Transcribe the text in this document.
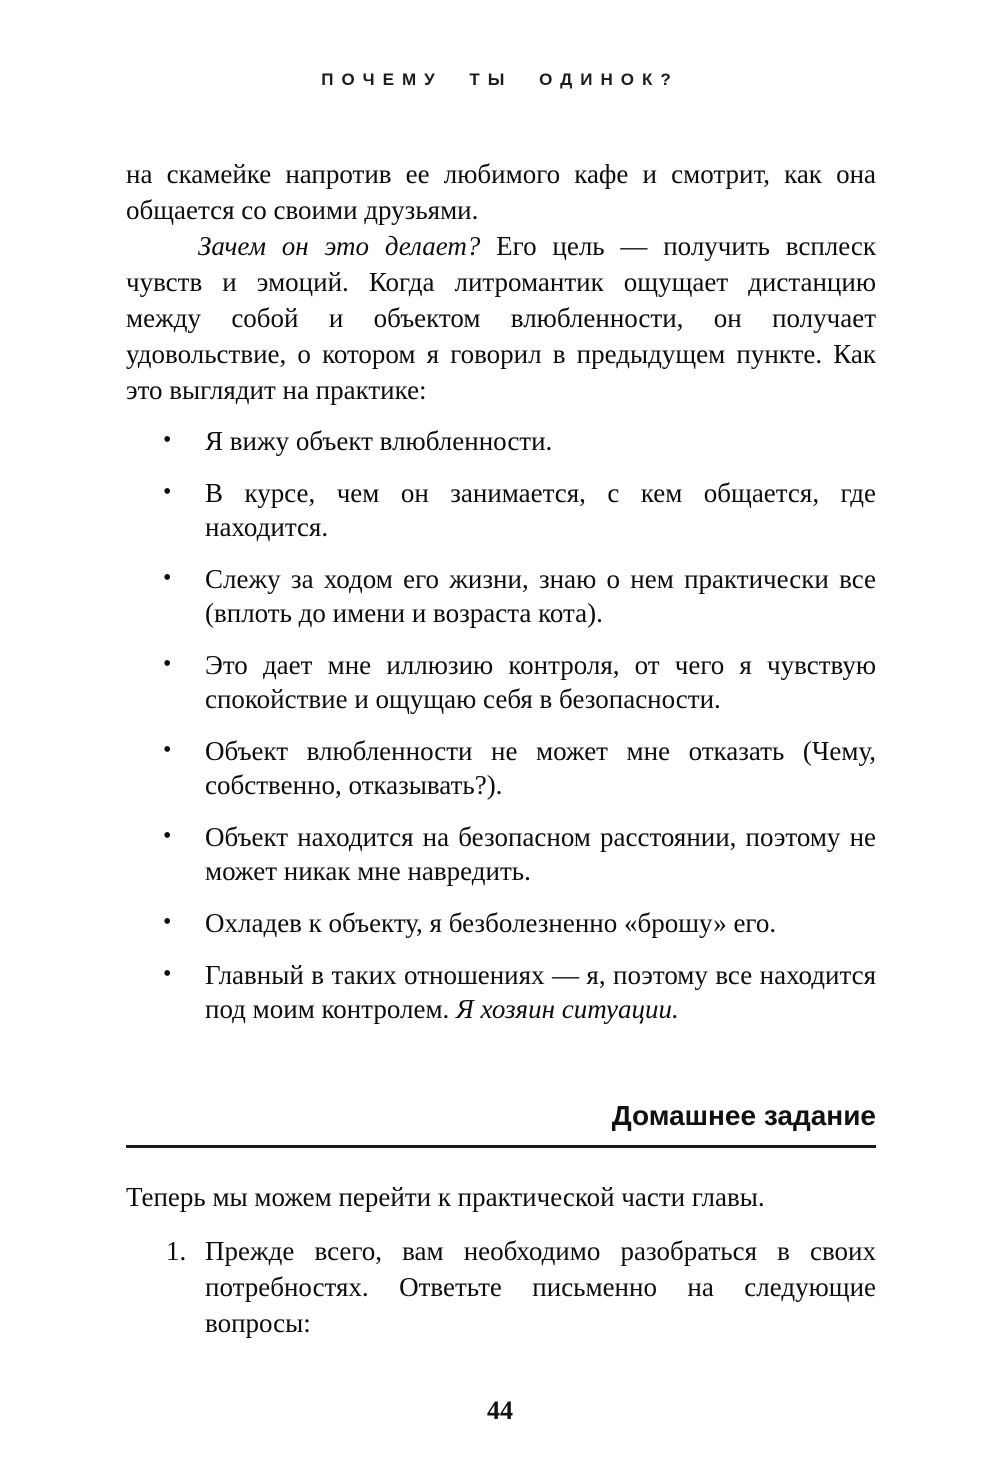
ПОЧЕМУ ТЫ ОДИНОК?

на скамейке напротив ее любимого кафе и смотрит, как она общается со своими друзьями.

Зачем он это делает? Его цель — получить всплеск чувств и эмоций. Когда литромантик ощущает дистанцию между собой и объектом влюбленности, он получает удовольствие, о котором я говорил в предыдущем пункте. Как это выглядит на практике:

• Я вижу объект влюбленности.
• В курсе, чем он занимается, с кем общается, где находится.
• Слежу за ходом его жизни, знаю о нем практически все (вплоть до имени и возраста кота).
• Это дает мне иллюзию контроля, от чего я чувствую спокойствие и ощущаю себя в безопасности.
• Объект влюбленности не может мне отказать (Чему, собственно, отказывать?).
• Объект находится на безопасном расстоянии, поэтому не может никак мне навредить.
• Охладев к объекту, я безболезненно «брошу» его.
• Главный в таких отношениях — я, поэтому все находится под моим контролем. Я хозяин ситуации.
Домашнее задание

Теперь мы можем перейти к практической части главы.

1. Прежде всего, вам необходимо разобраться в своих потребностях. Ответьте письменно на следующие вопросы:
44
